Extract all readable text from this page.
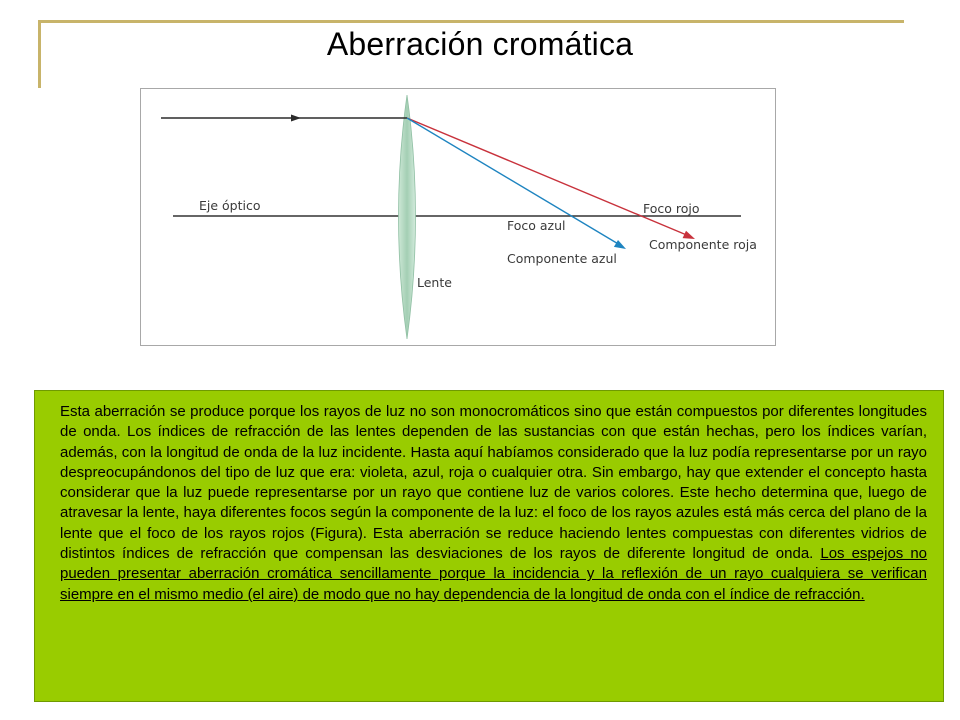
Aberración cromática
Eje óptico	Foco rojo
Foco azul
Componente roja
Componente azul
Lente

Esta aberración se produce porque los rayos de luz no son monocromáticos sino que están compuestos por diferentes longitudes de onda. Los índices de refracción de las lentes dependen de las sustancias con que están hechas, pero los índices varían, además, con la longitud de onda de la luz incidente. Hasta aquí habíamos considerado que la luz podía representarse por un rayo despreocupándonos del tipo de luz que era: violeta, azul, roja o cualquier otra. Sin embargo, hay que extender el concepto hasta considerar que la luz puede representarse por un rayo que contiene luz de varios colores. Este hecho determina que, luego de atravesar la lente, haya diferentes focos según la componente de la luz: el foco de los rayos azules está más cerca del plano de la lente que el foco de los rayos rojos (Figura). Esta aberración se reduce haciendo lentes compuestas con diferentes vidrios de distintos índices de refracción que compensan las desviaciones de los rayos de diferente longitud de onda. Los espejos no pueden presentar aberración cromática sencillamente porque la incidencia y la reflexión de un rayo cualquiera se verifican siempre en el mismo medio (el aire) de modo que no hay dependencia de la longitud de onda con el índice de refracción.
